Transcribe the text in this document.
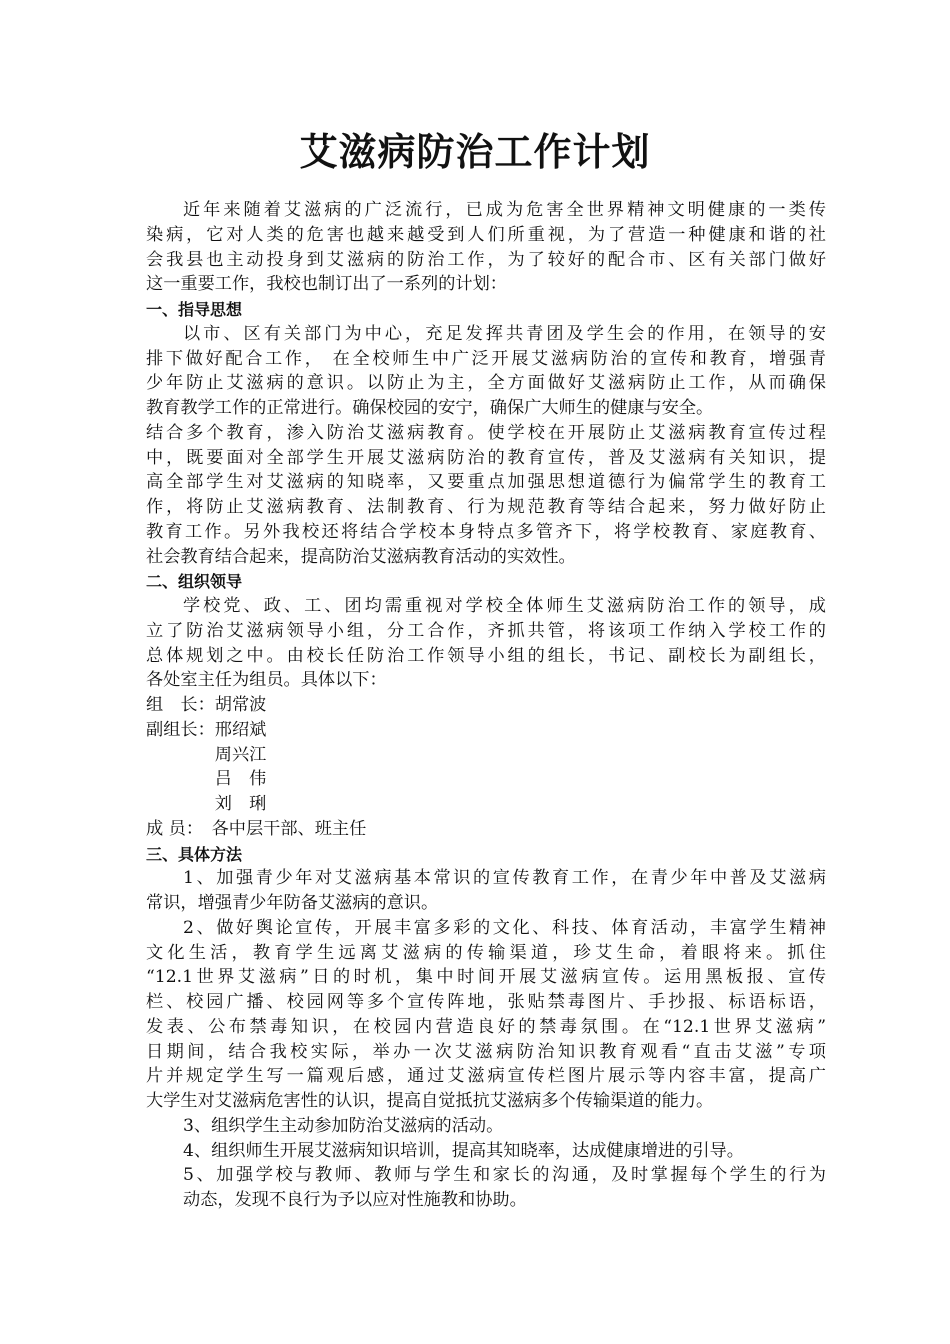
艾滋病防治工作计划
近年来随着艾滋病的广泛流行，已成为危害全世界精神文明健康的一类传
染病，它对人类的危害也越来越受到人们所重视，为了营造一种健康和谐的社
会我县也主动投身到艾滋病的防治工作，为了较好的配合市、区有关部门做好
这一重要工作，我校也制订出了一系列的计划：
一、指导思想
以市、区有关部门为中心，充足发挥共青团及学生会的作用，在领导的安
排下做好配合工作， 在全校师生中广泛开展艾滋病防治的宣传和教育，增强青
少年防止艾滋病的意识。以防止为主，全方面做好艾滋病防止工作，从而确保
教育教学工作的正常进行。确保校园的安宁，确保广大师生的健康与安全。
结合多个教育，渗入防治艾滋病教育。使学校在开展防止艾滋病教育宣传过程
中，既要面对全部学生开展艾滋病防治的教育宣传，普及艾滋病有关知识，提
高全部学生对艾滋病的知晓率，又要重点加强思想道德行为偏常学生的教育工
作，将防止艾滋病教育、法制教育、行为规范教育等结合起来，努力做好防止
教育工作。另外我校还将结合学校本身特点多管齐下，将学校教育、家庭教育、
社会教育结合起来，提高防治艾滋病教育活动的实效性。
二、组织领导
学校党、政、工、团均需重视对学校全体师生艾滋病防治工作的领导，成
立了防治艾滋病领导小组，分工合作，齐抓共管，将该项工作纳入学校工作的
总体规划之中。由校长任防治工作领导小组的组长，书记、副校长为副组长，
各处室主任为组员。具体以下：
组　长：胡常波
副组长：邢绍斌
　　　　周兴江
　　　　吕　伟
　　　　刘　琍
成 员：　各中层干部、班主任
三、具体方法
1、加强青少年对艾滋病基本常识的宣传教育工作，在青少年中普及艾滋病
常识，增强青少年防备艾滋病的意识。
2、做好舆论宣传，开展丰富多彩的文化、科技、体育活动，丰富学生精神
文化生活，教育学生远离艾滋病的传输渠道，珍艾生命，着眼将来。抓住
“12.1世界艾滋病”日的时机，集中时间开展艾滋病宣传。运用黑板报、宣传
栏、校园广播、校园网等多个宣传阵地，张贴禁毒图片、手抄报、标语标语，
发表、公布禁毒知识，在校园内营造良好的禁毒氛围。在“12.1世界艾滋病”
日期间，结合我校实际，举办一次艾滋病防治知识教育观看“直击艾滋”专项
片并规定学生写一篇观后感，通过艾滋病宣传栏图片展示等内容丰富，提高广
大学生对艾滋病危害性的认识，提高自觉抵抗艾滋病多个传输渠道的能力。
3、组织学生主动参加防治艾滋病的活动。
4、组织师生开展艾滋病知识培训，提高其知晓率，达成健康增进的引导。
5、加强学校与教师、教师与学生和家长的沟通，及时掌握每个学生的行为
动态，发现不良行为予以应对性施教和协助。
